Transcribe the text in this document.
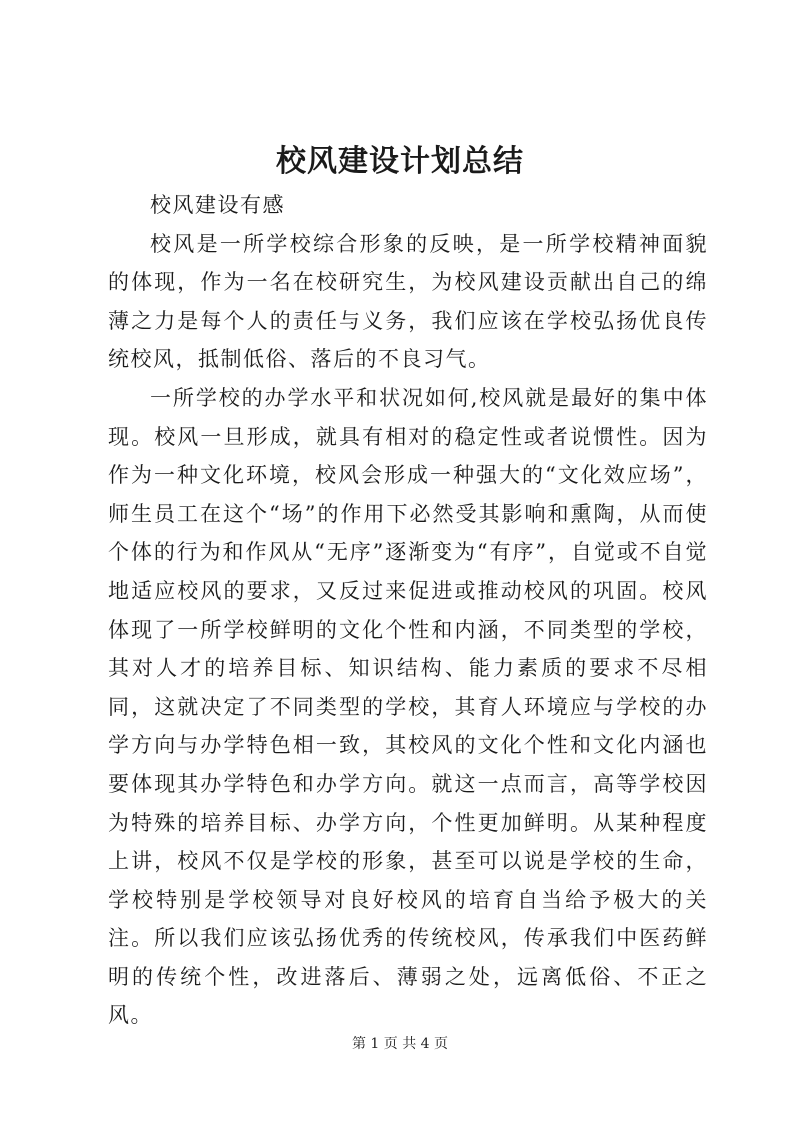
校风建设计划总结

校风建设有感

校风是一所学校综合形象的反映，是一所学校精神面貌的体现，作为一名在校研究生，为校风建设贡献出自己的绵薄之力是每个人的责任与义务，我们应该在学校弘扬优良传统校风，抵制低俗、落后的不良习气。

一所学校的办学水平和状况如何,校风就是最好的集中体现。校风一旦形成，就具有相对的稳定性或者说惯性。因为作为一种文化环境，校风会形成一种强大的“文化效应场”，师生员工在这个“场”的作用下必然受其影响和熏陶，从而使个体的行为和作风从“无序”逐渐变为“有序”，自觉或不自觉地适应校风的要求，又反过来促进或推动校风的巩固。校风体现了一所学校鲜明的文化个性和内涵，不同类型的学校，其对人才的培养目标、知识结构、能力素质的要求不尽相同，这就决定了不同类型的学校，其育人环境应与学校的办学方向与办学特色相一致，其校风的文化个性和文化内涵也要体现其办学特色和办学方向。就这一点而言，高等学校因为特殊的培养目标、办学方向，个性更加鲜明。从某种程度上讲，校风不仅是学校的形象，甚至可以说是学校的生命，学校特别是学校领导对良好校风的培育自当给予极大的关注。所以我们应该弘扬优秀的传统校风，传承我们中医药鲜明的传统个性，改进落后、薄弱之处，远离低俗、不正之风。

第 1 页 共 4 页
